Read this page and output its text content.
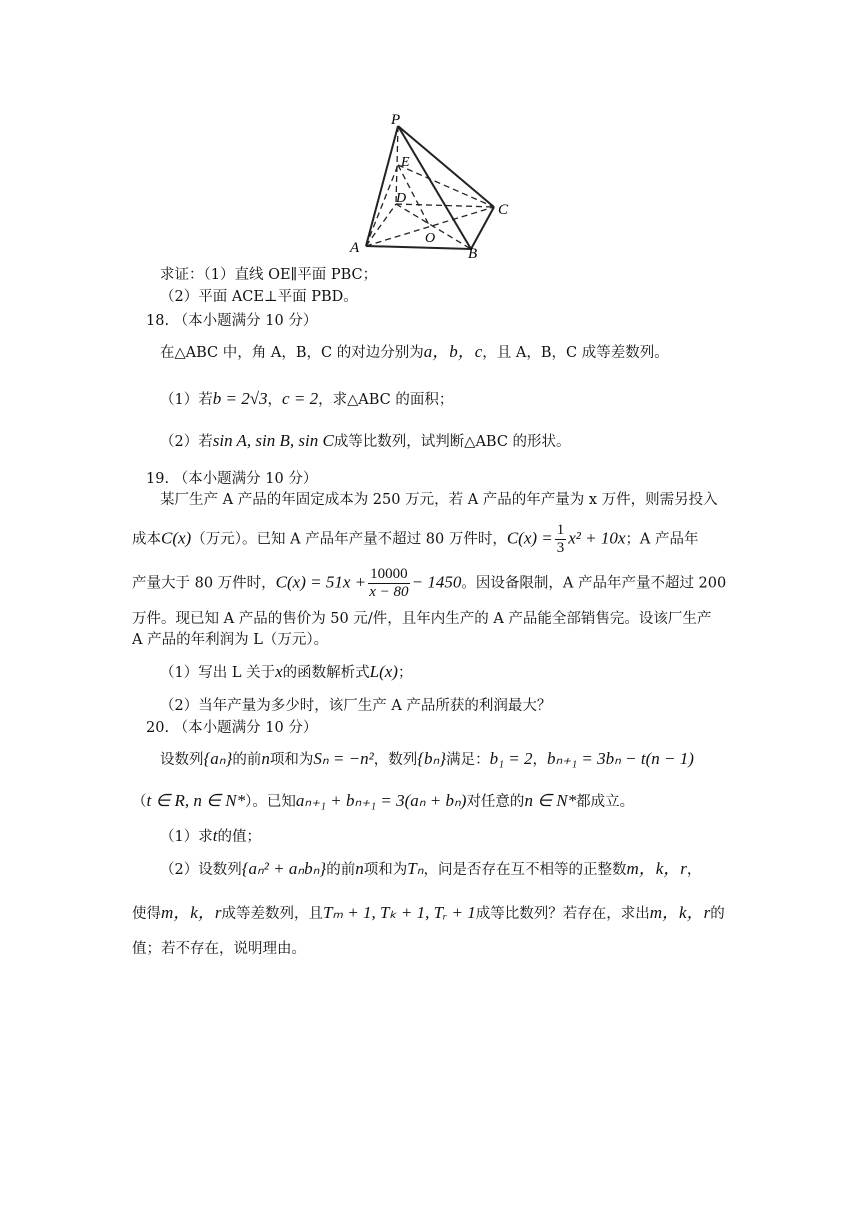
P
E
D
C
A
O
B
求证：（1）直线 OE∥平面 PBC；
（2）平面 ACE⊥平面 PBD。
18. （本小题满分 10 分）
在△ABC 中，角 A，B，C 的对边分别为a，b，c，且 A，B，C 成等差数列。
（1）若b = 2√3，c = 2，求△ABC 的面积；
（2）若sin A, sin B, sin C成等比数列，试判断△ABC 的形状。
19. （本小题满分 10 分）
某厂生产 A 产品的年固定成本为 250 万元，若 A 产品的年产量为 x 万件，则需另投入
成本C(x)（万元）。已知 A 产品年产量不超过 80 万件时，$C(x) = \frac{1}{3} x^2 + 10x$；A 产品年
产量大于 80 万件时，$C(x) = 51x + \frac{10000}{x - 80} - 1450$。因设备限制，A 产品年产量不超过 200
万件。现已知 A 产品的售价为 50 元/件，且年内生产的 A 产品能全部销售完。设该厂生产
A 产品的年利润为 L（万元）。
（1）写出 L 关于x的函数解析式L(x)；
（2）当年产量为多少时，该厂生产 A 产品所获的利润最大？
20. （本小题满分 10 分）
设数列{aₙ}的前n项和为Sₙ = −n²，数列{bₙ}满足：b₁ = 2，bₙ₊₁ = 3bₙ − t(n − 1)
（t ∈ R, n ∈ N*）。已知aₙ₊₁ + bₙ₊₁ = 3(aₙ + bₙ)对任意的n ∈ N*都成立。
（1）求t的值；
（2）设数列{aₙ² + aₙbₙ}的前n项和为Tₙ，问是否存在互不相等的正整数m，k，r，
使得m，k，r成等差数列，且Tₘ + 1, Tₖ + 1, Tᵣ + 1成等比数列？若存在，求出m，k，r的
值；若不存在，说明理由。
